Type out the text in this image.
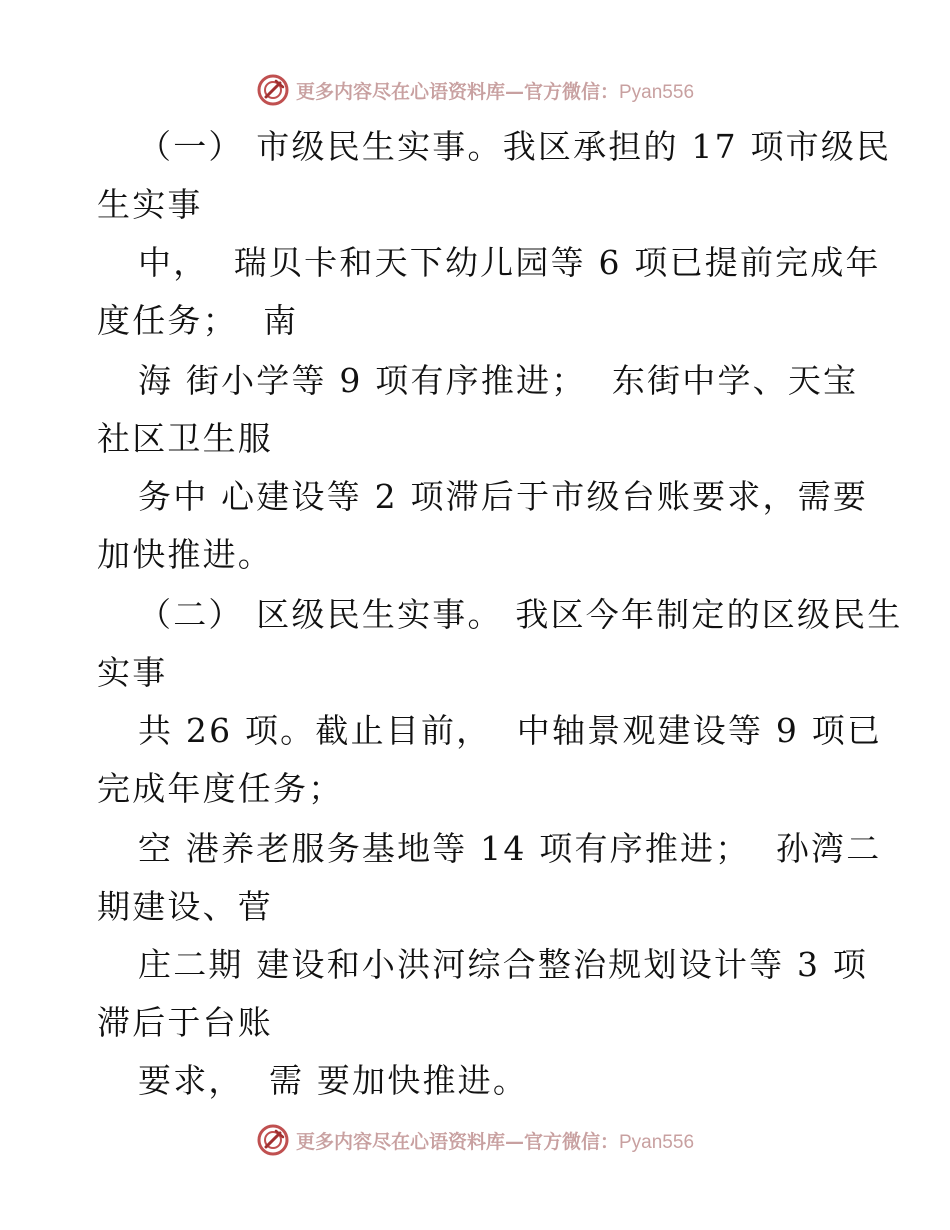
更多内容尽在心语资料库—官方微信：Pyan556
（一） 市级民生实事。我区承担的 17 项市级民
生实事
中，  瑞贝卡和天下幼儿园等 6 项已提前完成年
度任务；  南
海 街小学等 9 项有序推进；  东街中学、天宝
社区卫生服
务中 心建设等 2 项滞后于市级台账要求，需要
加快推进。
（二） 区级民生实事。 我区今年制定的区级民生
实事
共 26 项。截止目前，  中轴景观建设等 9 项已
完成年度任务；
空 港养老服务基地等 14 项有序推进；  孙湾二
期建设、菅
庄二期 建设和小洪河综合整治规划设计等 3 项
滞后于台账
要求，  需 要加快推进。
更多内容尽在心语资料库—官方微信：Pyan556
